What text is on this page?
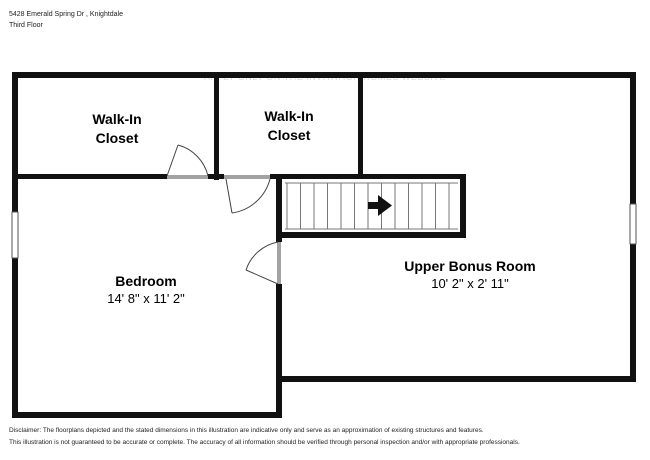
5428 Emerald Spring Dr , Knightdale
Third Floor
Walk-In
Closet
Walk-In
Closet
Bedroom
14' 8" x 11' 2"
Upper Bonus Room
10' 2" x 2' 11"
Disclaimer: The floorplans depicted and the stated dimensions in this illustration are indicative only and serve as an approximation of existing structures and features.
This illustration is not guaranteed to be accurate or complete. The accuracy of all information should be verified through personal inspection and/or with appropriate professionals.
